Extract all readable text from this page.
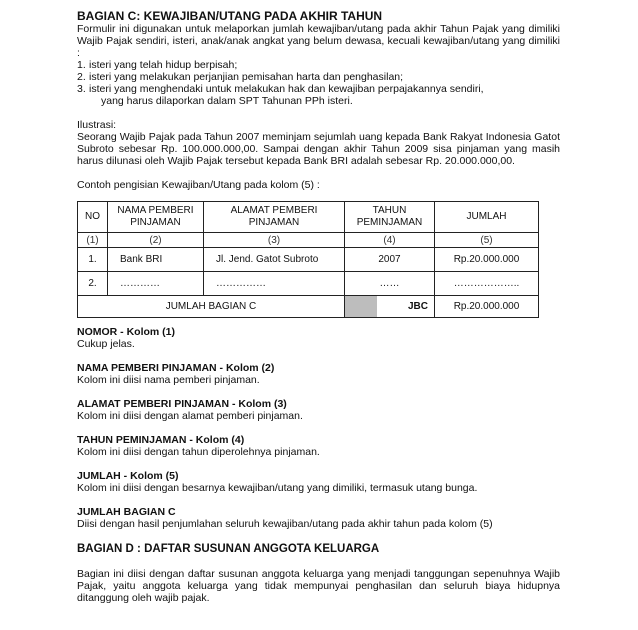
BAGIAN C: KEWAJIBAN/UTANG PADA AKHIR TAHUN

Formulir ini digunakan untuk melaporkan jumlah kewajiban/utang pada akhir Tahun Pajak yang dimiliki Wajib Pajak sendiri, isteri, anak/anak angkat yang belum dewasa, kecuali kewajiban/utang yang dimiliki :

1. isteri yang telah hidup berpisah;
2. isteri yang melakukan perjanjian pemisahan harta dan penghasilan;
3. isteri yang menghendaki untuk melakukan hak dan kewajiban perpajakannya sendiri,
yang harus dilaporkan dalam SPT Tahunan PPh isteri.

Ilustrasi:

Seorang Wajib Pajak pada Tahun 2007 meminjam sejumlah uang kepada Bank Rakyat Indonesia Gatot Subroto sebesar Rp. 100.000.000,00. Sampai dengan akhir Tahun 2009 sisa pinjaman yang masih harus dilunasi oleh Wajib Pajak tersebut kepada Bank BRI adalah sebesar Rp. 20.000.000,00.

Contoh pengisian Kewajiban/Utang pada kolom (5) :

NO	NAMA PEMBERI PINJAMAN	ALAMAT PEMBERI PINJAMAN	TAHUN PEMINJAMAN	JUMLAH
(1)	(2)	(3)	(4)	(5)
1.	Bank BRI	Jl. Jend. Gatot Subroto	2007	Rp.20.000.000
2.	…………	……………	……	………………..
JUMLAH BAGIAN C			JBC	Rp.20.000.000

NOMOR - Kolom (1)

Cukup jelas.

NAMA PEMBERI PINJAMAN - Kolom (2)

Kolom ini diisi nama pemberi pinjaman.

ALAMAT PEMBERI PINJAMAN - Kolom (3)

Kolom ini diisi dengan alamat pemberi pinjaman.

TAHUN PEMINJAMAN - Kolom (4)

Kolom ini diisi dengan tahun diperolehnya pinjaman.

JUMLAH - Kolom (5)

Kolom ini diisi dengan besarnya kewajiban/utang yang dimiliki, termasuk utang bunga.

JUMLAH BAGIAN C

Diisi dengan hasil penjumlahan seluruh kewajiban/utang pada akhir tahun pada kolom (5)

BAGIAN D : DAFTAR SUSUNAN ANGGOTA KELUARGA

Bagian ini diisi dengan daftar susunan anggota keluarga yang menjadi tanggungan sepenuhnya Wajib Pajak, yaitu anggota keluarga yang tidak mempunyai penghasilan dan seluruh biaya hidupnya ditanggung oleh wajib pajak.
